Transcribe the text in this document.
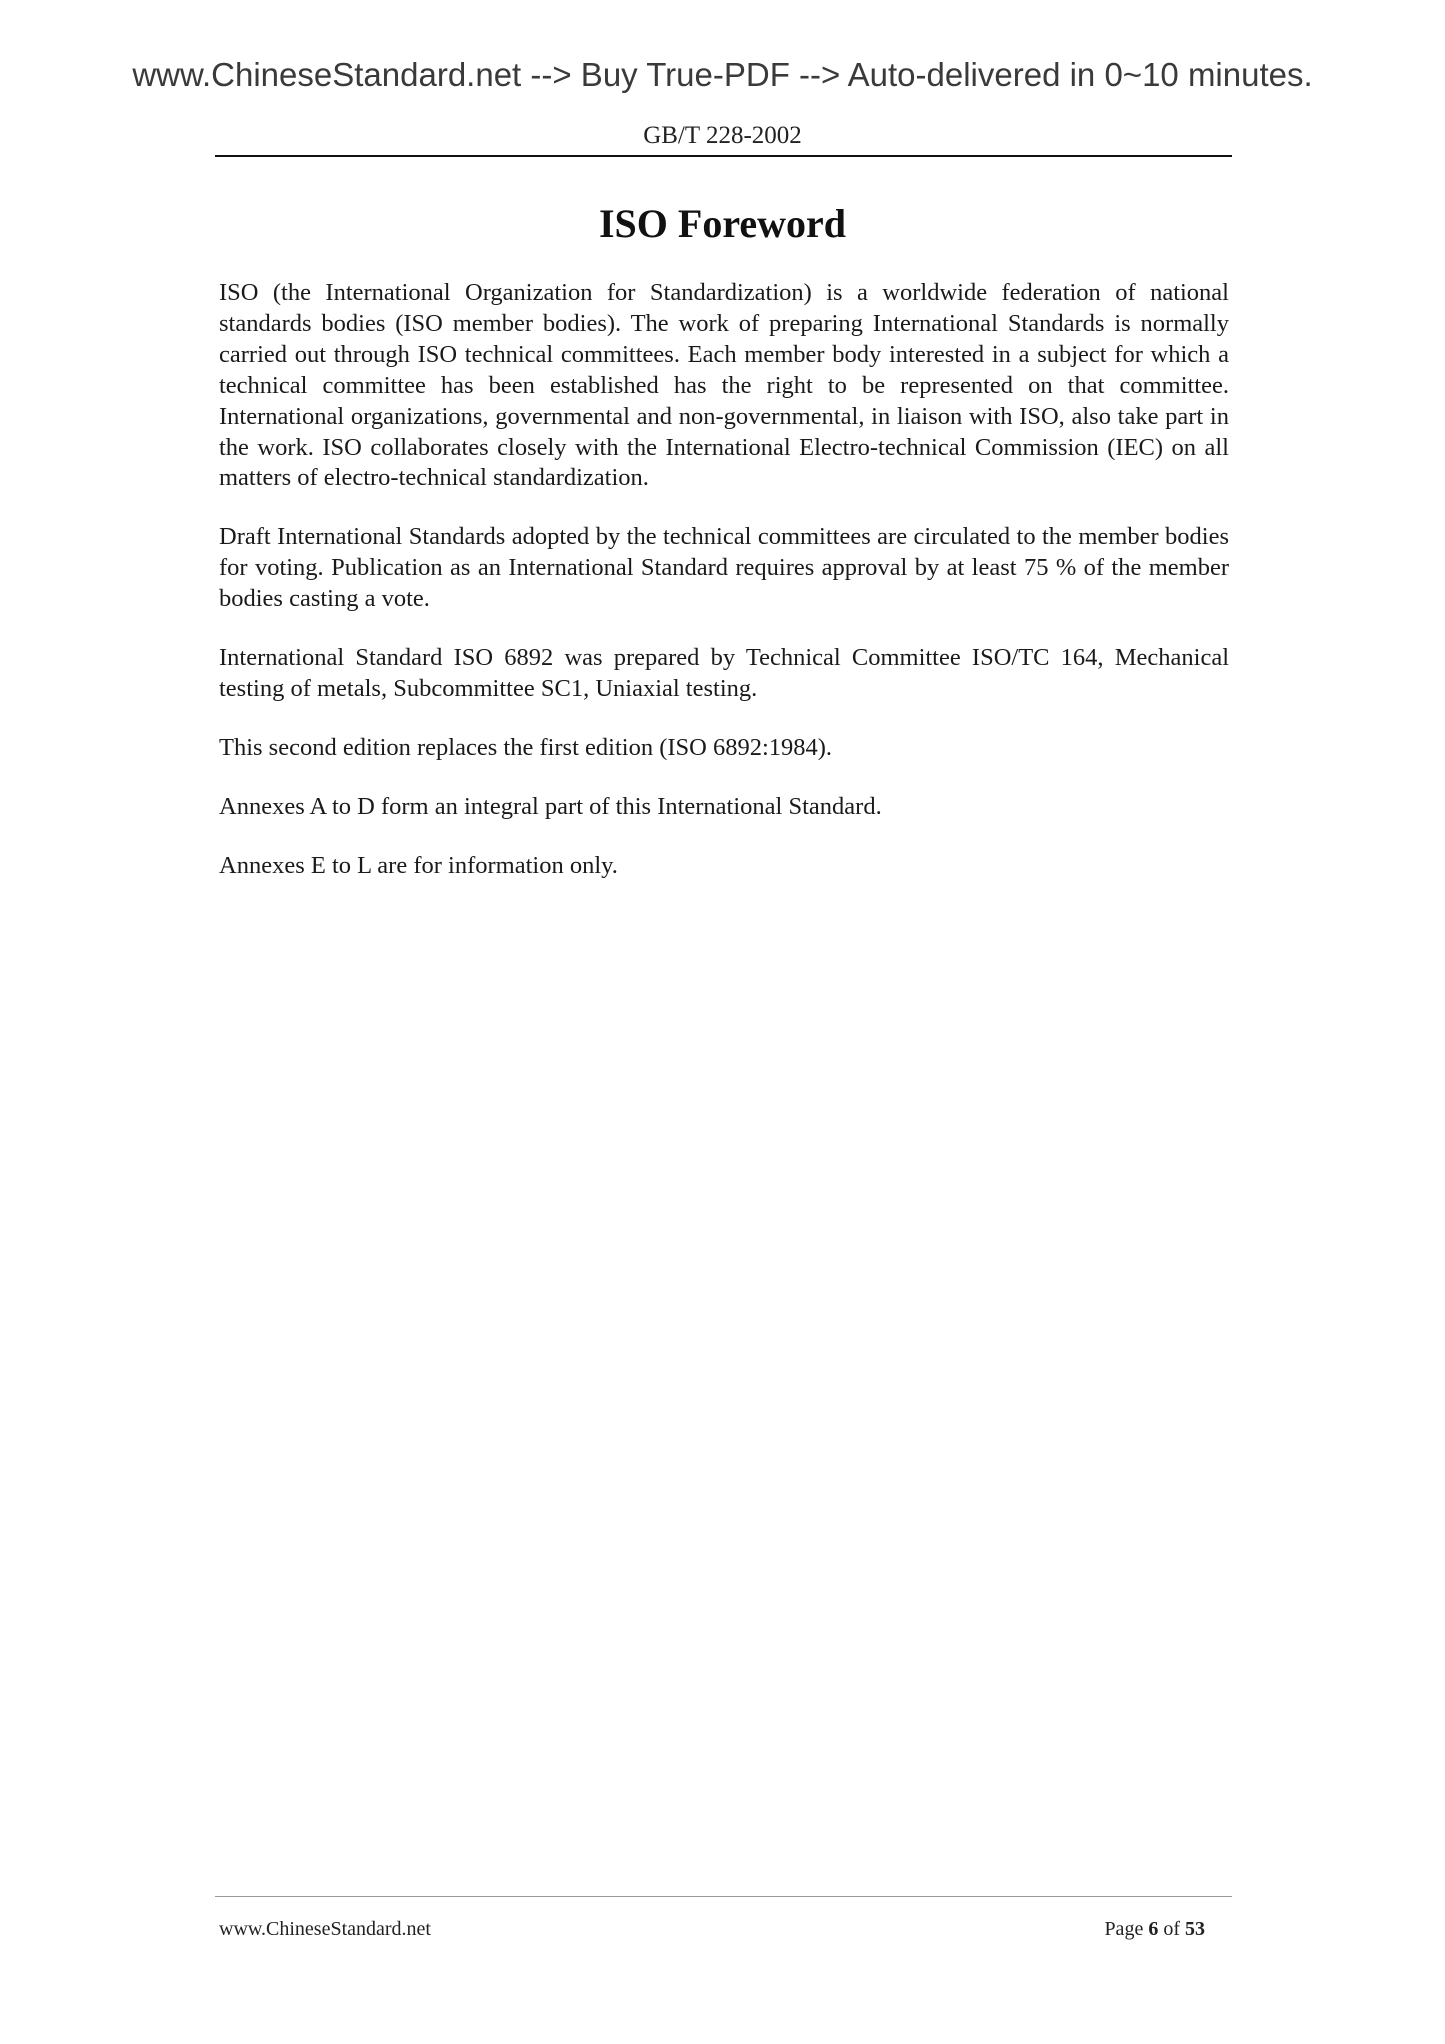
www.ChineseStandard.net --> Buy True-PDF --> Auto-delivered in 0~10 minutes.
GB/T 228-2002
ISO Foreword

ISO (the International Organization for Standardization) is a worldwide federation of national standards bodies (ISO member bodies). The work of preparing International Standards is normally carried out through ISO technical committees. Each member body interested in a subject for which a technical committee has been established has the right to be represented on that committee. International organizations, governmental and non-governmental, in liaison with ISO, also take part in the work. ISO collaborates closely with the International Electro-technical Commission (IEC) on all matters of electro-technical standardization.

Draft International Standards adopted by the technical committees are circulated to the member bodies for voting. Publication as an International Standard requires approval by at least 75 % of the member bodies casting a vote.

International Standard ISO 6892 was prepared by Technical Committee ISO/TC 164, Mechanical testing of metals, Subcommittee SC1, Uniaxial testing.

This second edition replaces the first edition (ISO 6892:1984).

Annexes A to D form an integral part of this International Standard.

Annexes E to L are for information only.

www.ChineseStandard.net	Page 6 of 53
